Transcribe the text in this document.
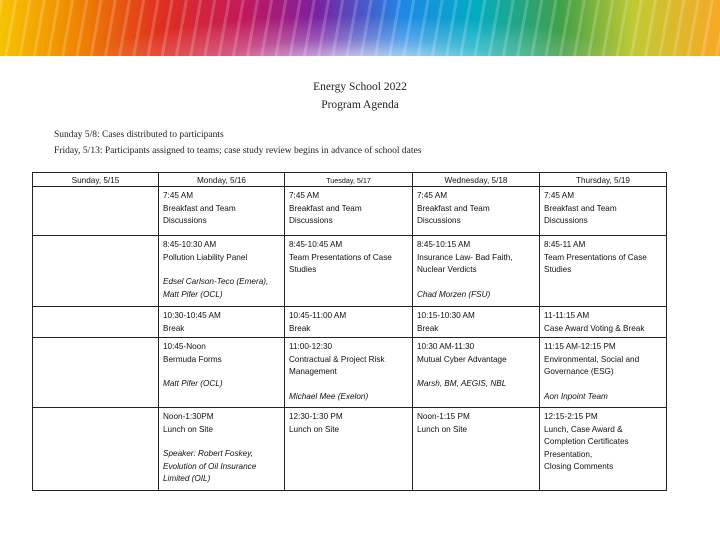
Energy School 2022
Program Agenda
Sunday 5/8: Cases distributed to participants
Friday, 5/13: Participants assigned to teams; case study review begins in advance of school dates
Sunday, 5/15	Monday, 5/16	Tuesday, 5/17	Wednesday, 5/18	Thursday, 5/19

	7:45 AM
Breakfast and Team
Discussions	7:45 AM
Breakfast and Team
Discussions	7:45 AM
Breakfast and Team
Discussions	7:45 AM
Breakfast and Team
Discussions

	8:45-10:30 AM
Pollution Liability Panel
Edsel Carlson-Teco (Emera),
Matt Pifer (OCL)	8:45-10:45 AM
Team Presentations of Case
Studies	8:45-10:15 AM
Insurance Law- Bad Faith,
Nuclear Verdicts
Chad Morzen (FSU)	8:45-11 AM
Team Presentations of Case
Studies

	10:30-10:45 AM
Break	10:45-11:00 AM
Break	10:15-10:30 AM
Break	11-11:15 AM
Case Award Voting & Break

	10:45-Noon
Bermuda Forms
Matt Pifer (OCL)	11:00-12:30
Contractual & Project Risk
Management
Michael Mee (Exelon)	10:30 AM-11:30
Mutual Cyber Advantage
Marsh, BM, AEGIS, NBL	11:15 AM-12:15 PM
Environmental, Social and
Governance (ESG)
Aon Inpoint Team

	Noon-1:30PM
Lunch on Site
Speaker: Robert Foskey,
Evolution of Oil Insurance
Limited (OIL)	12:30-1:30 PM
Lunch on Site	Noon-1:15 PM
Lunch on Site	12:15-2:15 PM
Lunch, Case Award &
Completion Certificates
Presentation,
Closing Comments
